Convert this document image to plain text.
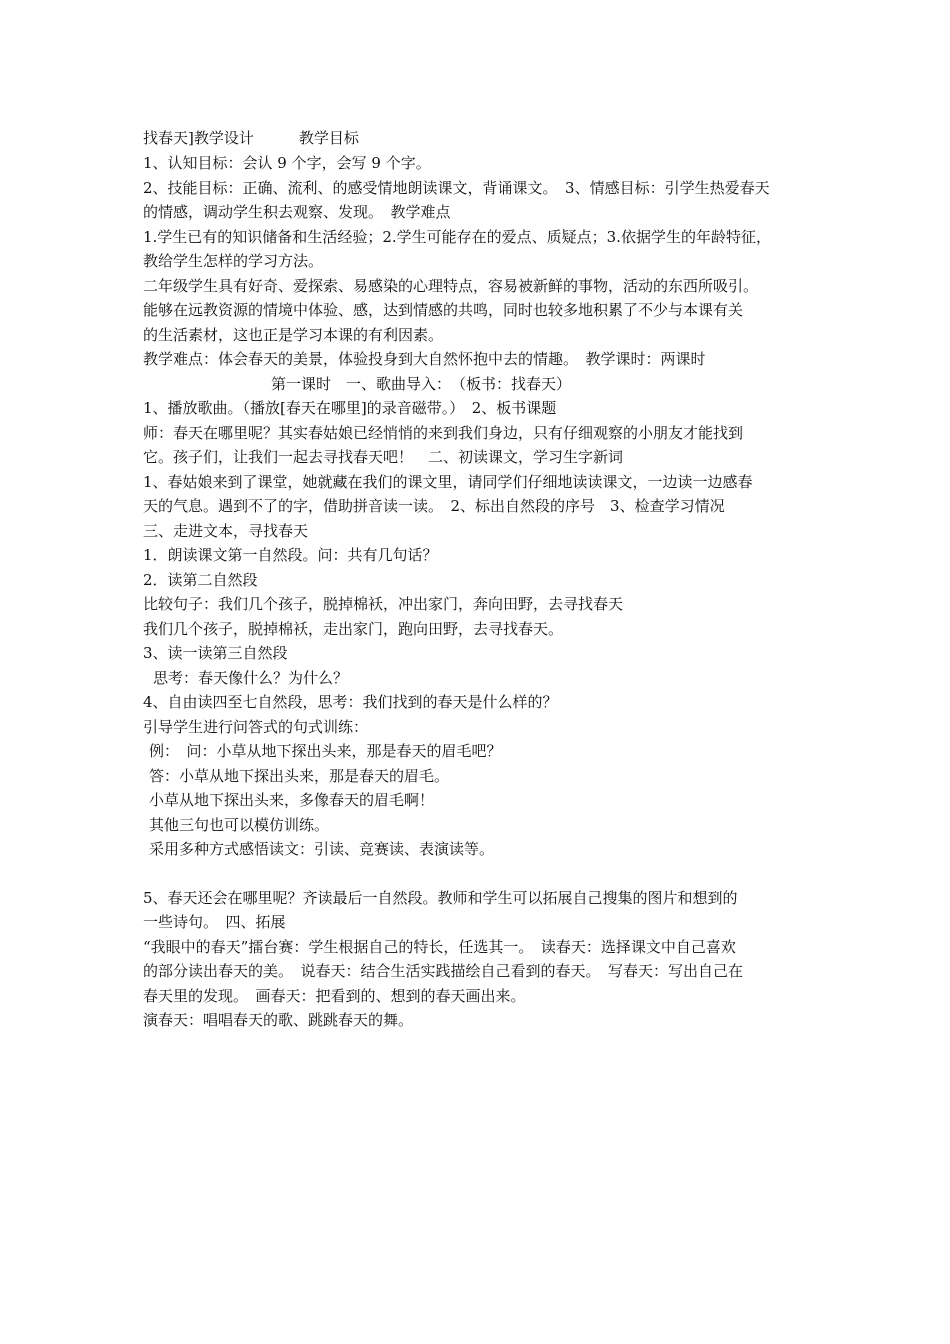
找春天]教学设计　　　教学目标
1、认知目标：会认 9 个字，会写 9 个字。
2、技能目标：正确、流利、的感受情地朗读课文，背诵课文。　3、情感目标：引学生热爱春天
的情感，调动学生积去观察、发现。　教学难点
1.学生已有的知识储备和生活经验；2.学生可能存在的爱点、质疑点；3.依据学生的年龄特征，
教给学生怎样的学习方法。
二年级学生具有好奇、爱探索、易感染的心理特点，容易被新鲜的事物，活动的东西所吸引。
能够在远教资源的情境中体验、感，达到情感的共鸣，同时也较多地积累了不少与本课有关
的生活素材，这也正是学习本课的有利因素。
教学难点：体会春天的美景，体验投身到大自然怀抱中去的情趣。　教学课时：两课时
第一课时　一、歌曲导入：　（板书：找春天）
1、播放歌曲。（播放[春天在哪里]的录音磁带。）　2、板书课题
师：春天在哪里呢？其实春姑娘已经悄悄的来到我们身边，只有仔细观察的小朋友才能找到
它。孩子们，让我们一起去寻找春天吧！　二、初读课文，学习生字新词
1、春姑娘来到了课堂，她就藏在我们的课文里，请同学们仔细地读读课文，一边读一边感春
天的气息。遇到不了的字，借助拼音读一读。　2、标出自然段的序号　3、检查学习情况
三、走进文本，寻找春天
1．朗读课文第一自然段。问：共有几句话？
2．读第二自然段
比较句子：我们几个孩子，脱掉棉袄，冲出家门，奔向田野，去寻找春天
我们几个孩子，脱掉棉袄，走出家门，跑向田野，去寻找春天。
3、读一读第三自然段
思考：春天像什么？为什么？
4、自由读四至七自然段，思考：我们找到的春天是什么样的？
引导学生进行问答式的句式训练：
例：　问：小草从地下探出头来，那是春天的眉毛吧？
答：小草从地下探出头来，那是春天的眉毛。
小草从地下探出头来，多像春天的眉毛啊！
其他三句也可以模仿训练。
采用多种方式感悟读文：引读、竞赛读、表演读等。
5、春天还会在哪里呢？齐读最后一自然段。教师和学生可以拓展自己搜集的图片和想到的
一些诗句。　四、拓展
“我眼中的春天”擂台赛：学生根据自己的特长，任选其一。　读春天：选择课文中自己喜欢
的部分读出春天的美。　说春天：结合生活实践描绘自己看到的春天。　写春天：写出自己在
春天里的发现。　画春天：把看到的、想到的春天画出来。
演春天：唱唱春天的歌、跳跳春天的舞。
